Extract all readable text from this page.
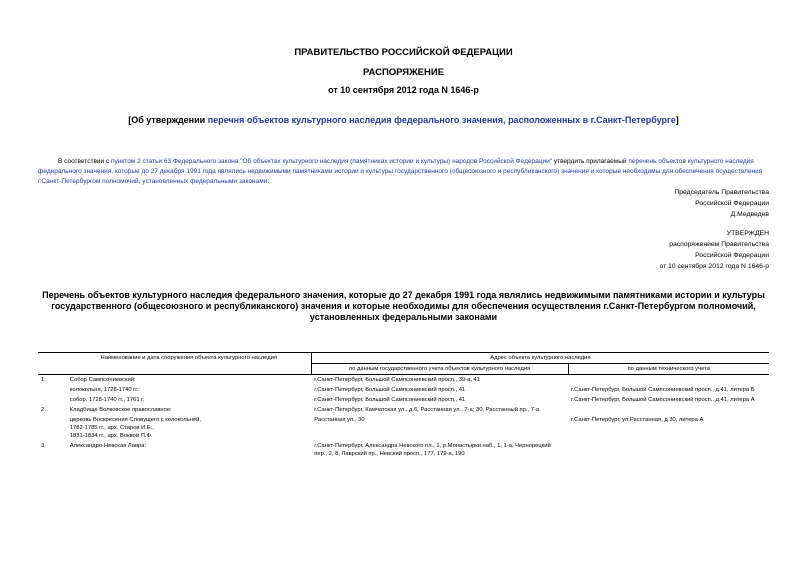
ПРАВИТЕЛЬСТВО РОССИЙСКОЙ ФЕДЕРАЦИИ
РАСПОРЯЖЕНИЕ
от 10 сентября 2012 года N 1646-р
[Об утверждении перечня объектов культурного наследия федерального значения, расположенных в г.Санкт-Петербурге]
В соответствии с пунктом 2 статьи 63 Федерального закона "Об объектах культурного наследия (памятниках истории и культуры) народов Российской Федерации" утвердить прилагаемый перечень объектов культурного наследия федерального значения, которые до 27 декабря 1991 года являлись недвижимыми памятниками истории и культуры государственного (общесоюзного и республиканского) значения и которые необходимы для обеспечения осуществления г.Санкт-Петербургом полномочий, установленных федеральными законами.
Председатель Правительства
Российской Федерации
Д.Медведев
УТВЕРЖДЕН
распоряжением Правительства
Российской Федерации
от 10 сентября 2012 года N 1646-р
Перечень объектов культурного наследия федерального значения, которые до 27 декабря 1991 года являлись недвижимыми памятниками истории и культуры государственного (общесоюзного и республиканского) значения и которые необходимы для обеспечения осуществления г.Санкт-Петербургом полномочий, установленных федеральными законами
	Наименование и дата сооружения объекта культурного наследия	Адрес объекта культурного наследия	
		по данным государственного учета объектов культурного наследия	по данным технического учета
1.	Собор Сампсониевский:	г.Санкт-Петербург, Большой Сампсониевский просп., 39-а, 41	
	колокольня, 1728-1740 гг.	г.Санкт-Петербург, Большой Сампсониевский просп., 41	г.Санкт-Петербург, Большой Сампсониевский просп., д.41, литера Б
	собор, 1728-1740 гг., 1761 г.	г.Санкт-Петербург, Большой Сампсониевский просп., 41	г.Санкт-Петербург, Большой Сампсониевский просп., д.41, литера А
2.	Кладбище Волковское православное:	г.Санкт-Петербург, Камчатская ул., д.6, Расстанная ул., 7-а; 30, Расстанный пр., 7-а	
	церковь Воскресения Словущего с колокольней,
1782-1785 гг., арх. Старов И.Е.,
1831-1834 гг., арх. Воквой П.Ф.	Расстанная ул., 30	г.Санкт-Петербург, ул.Расстанная, д.30, литера А
3.	Александро-Невская Лавра:	г.Санкт-Петербург, Александра Невского пл., 1, р.Монастырки наб., 1, 1-а, Чернорецкий пер., 2, 8, Лаврский пр., Невский просп., 177, 179-а, 190	
